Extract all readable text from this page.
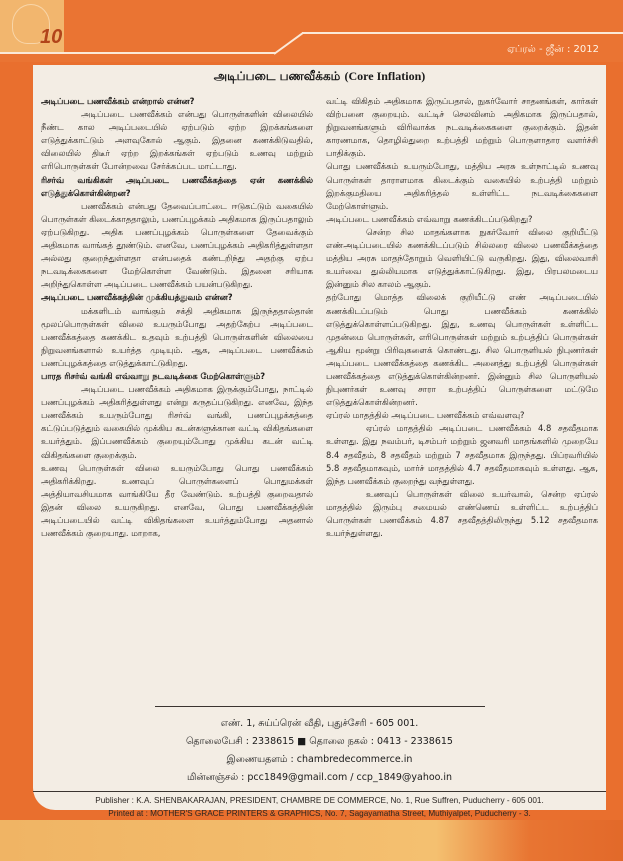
10
ஏப்ரல் - ஜீன் : 2012
அடிப்படை பணவீக்கம் (Core Inflation)
அடிப்படை பணவீக்கம் என்றால் என்ன?

அடிப்படை பணவீக்கம் என்பது பொருள்களின் விலையில் நீண்ட கால அடிப்படையில் ஏற்படும் ஏற்ற இறக்கங்களை எடுத்துக்காட்டும் அளவுகோல் ஆகும். இதனை கணக்கிடுவதில், விலையில் திடீர் ஏற்ற இறக்கங்கள் ஏற்படும் உணவு மற்றும் எரிபொருள்கள் போன்றவை சேர்க்கப்பட மாட்டாது.

ரிசர்வ் வங்கிகள் அடிப்படை பணவீக்கத்தை ஏன் கணக்கில் எடுத்துக்கொள்கின்றன?

பணவீக்கம் என்பது தேவைப்பாட்டை ஈடுகட்டும் வகையில் பொருள்கள் கிடைக்காததாலும், பணப்புழக்கம் அதிகமாக இருப்பதாலும் ஏற்படுகிறது. அதிக பணப்புழக்கம் பொருள்களை தேவைக்கும் அதிகமாக வாங்கத் தூண்டும். எனவே, பணப்புழக்கம் அதிகரித்துள்ளதா அல்லது குறைந்துள்ளதா என்பதைக் கண்டறிந்து அதற்கு ஏற்ப நடவடிக்கைகளை மேற்கொள்ள வேண்டும். இதனை சரியாக அறிந்துகொள்ள அடிப்படை பணவீக்கம் பயன்படுகிறது.

அடிப்படை பணவீக்கத்தின் முக்கியத்துவம் என்ன?

மக்களிடம் வாங்கும் சக்தி அதிகமாக இருந்ததால்தான் மூலப்பொருள்கள் விலை உயரும்போது அதற்கேற்ப அடிப்படை பணவீக்கத்தை கணக்கிட உதவும் உற்பத்தி பொருள்களின் விலையை நிறுவனங்களால் உயர்த்த முடியும். ஆக, அடிப்படை பணவீக்கம் பணப்புழக்கத்தை எடுத்துக்காட்டுகிறது.

பாரத ரிசர்வ் வங்கி எவ்வாறு நடவடிக்கை மேற்கொள்ளும்?

அடிப்படை பணவீக்கம் அதிகமாக இருக்கும்போது, நாட்டில் பணப்புழக்கம் அதிகரித்துள்ளது என்று கருதப்படுகிறது. எனவே, இந்த பணவீக்கம் உயரும்போது ரிசர்வ் வங்கி, பணப்புழக்கத்தை கட்டுப்படுத்தும் வகையில் முக்கிய கடன்களுக்கான வட்டி விகிதங்களை உயர்த்தும். இப்பணவீக்கம் குறையும்போது முக்கிய கடன் வட்டி விகிதங்களை குறைக்கும்.

உணவு பொருள்கள் விலை உயரும்போது பொது பணவீக்கம் அதிகரிக்கிறது. உணவுப் பொருள்களைப் பொதுமக்கள் அத்தியாவசியமாக வாங்கியே தீர வேண்டும். உற்பத்தி குறைவதால் இதன் விலை உயருகிறது. எனவே, பொது பணவீக்கத்தின் அடிப்படையில் வட்டி விகிதங்களை உயர்த்தும்போது அதனால் பணவீக்கம் குறையாது. மாறாக,

வட்டி விகிதம் அதிகமாக இருப்பதால், நுகர்வோர் சாதனங்கள், கார்கள் விற்பனை குறையும். வட்டிச் செலவினம் அதிகமாக இருப்பதால், நிறுவனங்களும் விரிவாக்க நடவடிக்கைகளை குறைக்கும். இதன் காரணமாக, தொழில்துறை உற்பத்தி மற்றும் பொருளாதார வளர்ச்சி பாதிக்கும்.

பொது பணவீக்கம் உயரும்போது, மத்திய அரசு உள்நாட்டில் உணவு பொருள்கள் தாராளமாக கிடைக்கும் வகையில் உற்பத்தி மற்றும் இறக்குமதியை அதிகரித்தல் உள்ளிட்ட நடவடிக்கைகளை மேற்கொள்ளும்.

அடிப்படை பணவீக்கம் எவ்வாறு கணக்கிடப்படுகிறது?

சென்ற சில மாதங்களாக நுகர்வோர் விலை குறியீட்டு எண்அடிப்படையில் கணக்கிடப்படும் சில்லரை விலை பணவீக்கத்தை மத்திய அரசு மாதந்தோறும் வெளியிட்டு வருகிறது. இது, விலைவாசி உயர்வை துல்லியமாக எடுத்துக்காட்டுகிறது. இது, பிரபலமடைய இன்னும் சில காலம் ஆகும்.

தற்போது மொத்த விலைக் குறியீட்டு எண் அடிப்படையில் கணக்கிடப்படும் பொது பணவீக்கம் கணக்கில் எடுத்துக்கொள்ளப்படுகிறது. இது, உணவு பொருள்கள் உள்ளிட்ட முதன்மை பொருள்கள், எரிபொருள்கள் மற்றும் உற்பத்திப் பொருள்கள் ஆகிய மூன்று பிரிவுகளைக் கொண்டது. சில பொருளியல் நிபுணர்கள் அடிப்படை பணவீக்கத்தை கணக்கிட அனைத்து உற்பத்தி பொருள்கள் பணவீக்கத்தை எடுத்துக்கொள்கின்றனர். இன்னும் சில பொருளியல் நிபுணர்கள் உணவு சாரா உற்பத்திப் பொருள்களை மட்டுமே எடுத்துக்கொள்கின்றனர்.

ஏப்ரல் மாதத்தில் அடிப்படை பணவீக்கம் எவ்வளவு?

ஏப்ரல் மாதத்தில் அடிப்படை பணவீக்கம் 4.8 சதவீதமாக உள்ளது. இது நவம்பர், டிசம்பர் மற்றும் ஜனவரி மாதங்களில் முறையே 8.4 சதவீதம், 8 சதவீதம் மற்றும் 7 சதவீதமாக இருந்தது. பிப்ரவரியில் 5.8 சதவீதமாகவும், மார்ச் மாதத்தில் 4.7 சதவீதமாகவும் உள்ளது. ஆக, இந்த பணவீக்கம் குறைந்து வந்துள்ளது.

உணவுப் பொருள்கள் விலை உயர்வால், சென்ற ஏப்ரல் மாதத்தில் இரும்பு சமையல் எண்ணெய் உள்ளிட்ட உற்பத்திப் பொருள்கள் பணவீக்கம் 4.87 சதவீதத்திலிருந்து 5.12 சதவீதமாக உயர்ந்துள்ளது.

எண். 1, சுய்ப்ரென் வீதி, புதுச்சேரி - 605 001.
தொலைபேசி : 2338615 ■ தொலை நகல் : 0413 - 2338615
இணையதளம் : chambredecommerce.in
மின்னஞ்சல் : pcc1849@gmail.com / ccp_1849@yahoo.in
Publisher : K.A. SHENBAKARAJAN, PRESIDENT, CHAMBRE DE COMMERCE, No. 1, Rue Suffren, Puducherry - 605 001.
Printed at : MOTHER'S GRACE PRINTERS & GRAPHICS, No. 7, Sagayamatha Street, Muthiyalpet, Puducherry - 3.
